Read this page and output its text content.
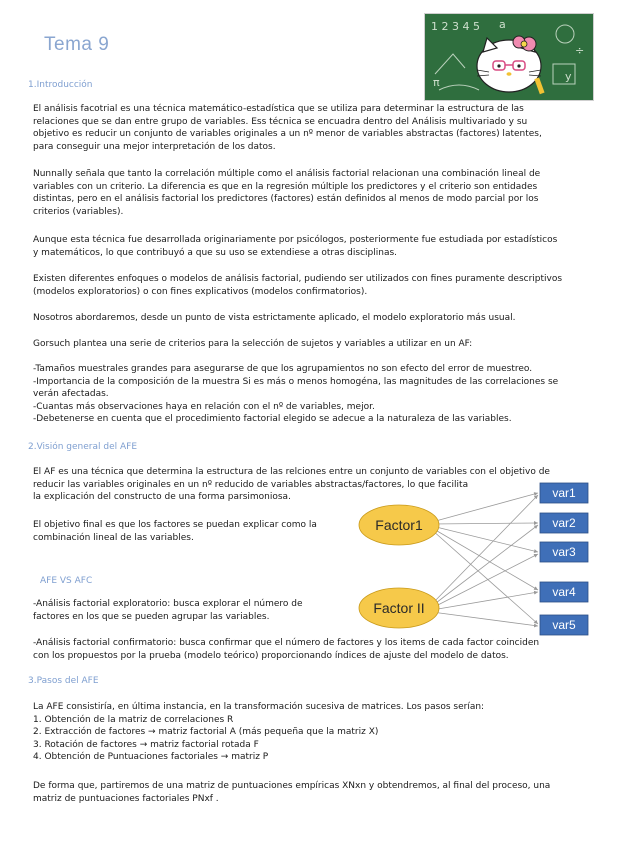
Tema 9
1 2 3 4 5 a
π	y
÷
1.Introducción
El análisis facotrial es una técnica matemático-estadística que se utiliza para determinar la estructura de las
relaciones que se dan entre grupo de variables. Ess técnica se encuadra dentro del Análisis multivariado y su
objetivo es reducir un conjunto de variables originales a un nº menor de variables abstractas (factores) latentes,
para conseguir una mejor interpretación de los datos.
Nunnally señala que tanto la correlación múltiple como el análisis factorial relacionan una combinación lineal de
variables con un criterio. La diferencia es que en la regresión múltiple los predictores y el criterio son entidades
distintas, pero en el análisis factorial los predictores (factores) están definidos al menos de modo parcial por los
criterios (variables).
Aunque esta técnica fue desarrollada originariamente por psicólogos, posteriormente fue estudiada por estadísticos
y matemáticos, lo que contribuyó a que su uso se extendiese a otras disciplinas.
Existen diferentes enfoques o modelos de análisis factorial, pudiendo ser utilizados con fines puramente descriptivos
(modelos exploratorios) o con fines explicativos (modelos confirmatorios).
Nosotros abordaremos, desde un punto de vista estrictamente aplicado, el modelo exploratorio más usual.
Gorsuch plantea una serie de criterios para la selección de sujetos y variables a utilizar en un AF:
-Tamaños muestrales grandes para asegurarse de que los agrupamientos no son efecto del error de muestreo.
-Importancia de la composición de la muestra Si es más o menos homogéna, las magnitudes de las correlaciones se
verán afectadas.
-Cuantas más observaciones haya en relación con el nº de variables, mejor.
-Debetenerse en cuenta que el procedimiento factorial elegido se adecue a la naturaleza de las variables.
2.Visión general del AFE
El AF es una técnica que determina la estructura de las relciones entre un conjunto de variables con el objetivo de
reducir las variables originales en un nº reducido de variables abstractas/factores, lo que facilita
la explicación del constructo de una forma parsimoniosa.
El objetivo final es que los factores se puedan explicar como la
combinación lineal de las variables.
AFE VS AFC
-Análisis factorial exploratorio: busca explorar el número de
factores en los que se pueden agrupar las variables.
-Análisis factorial confirmatorio: busca confirmar que el número de factores y los items de cada factor coinciden
con los propuestos por la prueba (modelo teórico) proporcionando índices de ajuste del modelo de datos.
Factor1
Factor II
var1
var2
var3
var4
var5
3.Pasos del AFE
La AFE consistiría, en última instancia, en la transformación sucesiva de matrices. Los pasos serían:
1. Obtención de la matriz de correlaciones R
2. Extracción de factores → matriz factorial A (más pequeña que la matriz X)
3. Rotación de factores → matriz factorial rotada F
4. Obtención de Puntuaciones factoriales → matriz P
De forma que, partiremos de una matriz de puntuaciones empíricas XNxn y obtendremos, al final del proceso, una
matriz de puntuaciones factoriales PNxf .
